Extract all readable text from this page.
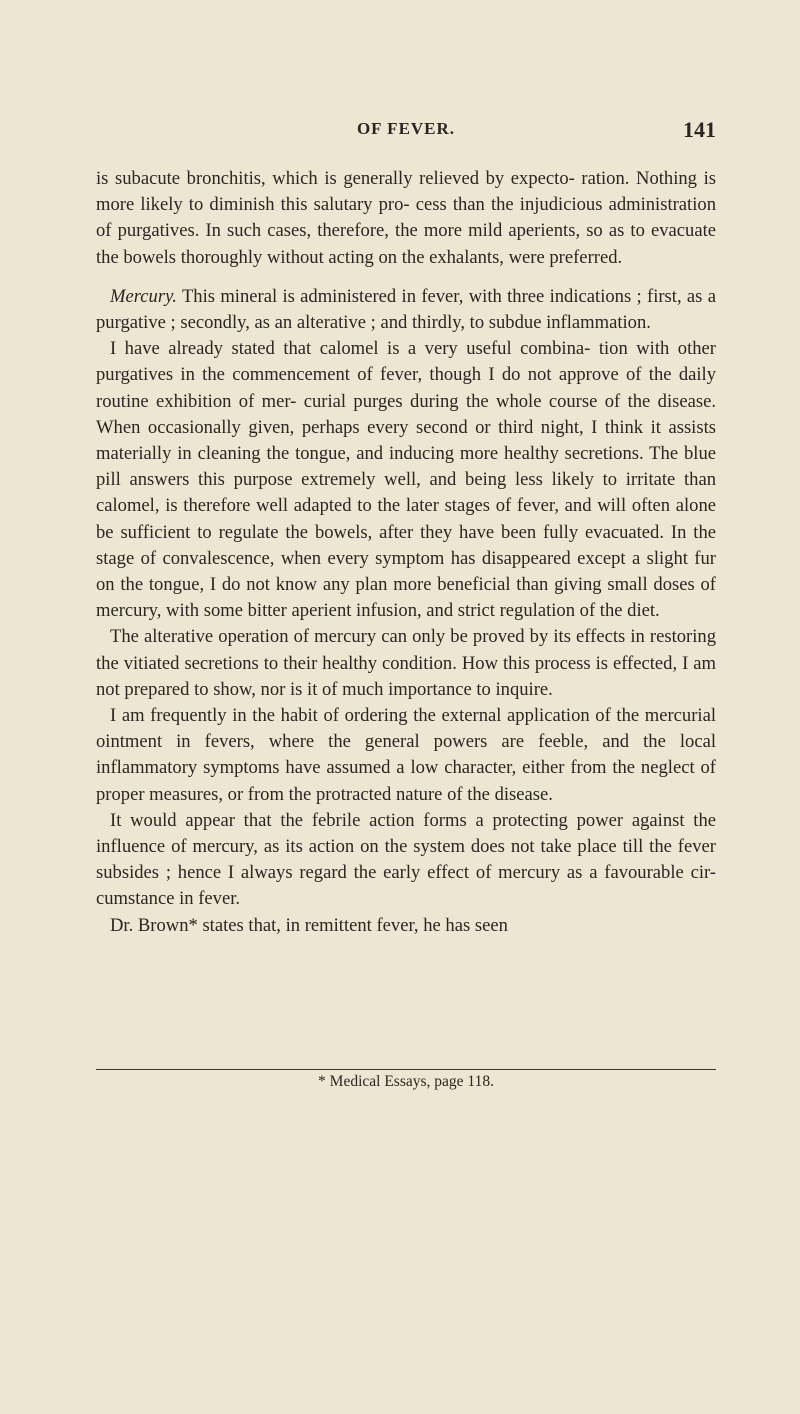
OF FEVER.	141

is subacute bronchitis, which is generally relieved by expecto- ration. Nothing is more likely to diminish this salutary pro- cess than the injudicious administration of purgatives. In such cases, therefore, the more mild aperients, so as to evacuate the bowels thoroughly without acting on the exhalants, were preferred.

Mercury. This mineral is administered in fever, with three indications ; first, as a purgative ; secondly, as an alterative ; and thirdly, to subdue inflammation.

I have already stated that calomel is a very useful combina- tion with other purgatives in the commencement of fever, though I do not approve of the daily routine exhibition of mer- curial purges during the whole course of the disease. When occasionally given, perhaps every second or third night, I think it assists materially in cleaning the tongue, and inducing more healthy secretions. The blue pill answers this purpose extremely well, and being less likely to irritate than calomel, is therefore well adapted to the later stages of fever, and will often alone be sufficient to regulate the bowels, after they have been fully evacuated. In the stage of convalescence, when every symptom has disappeared except a slight fur on the tongue, I do not know any plan more beneficial than giving small doses of mercury, with some bitter aperient infusion, and strict regulation of the diet.

The alterative operation of mercury can only be proved by its effects in restoring the vitiated secretions to their healthy condition. How this process is effected, I am not prepared to show, nor is it of much importance to inquire.

I am frequently in the habit of ordering the external application of the mercurial ointment in fevers, where the general powers are feeble, and the local inflammatory symptoms have assumed a low character, either from the neglect of proper measures, or from the protracted nature of the disease.

It would appear that the febrile action forms a protecting power against the influence of mercury, as its action on the system does not take place till the fever subsides ; hence I always regard the early effect of mercury as a favourable cir- cumstance in fever.

Dr. Brown* states that, in remittent fever, he has seen

* Medical Essays, page 118.
